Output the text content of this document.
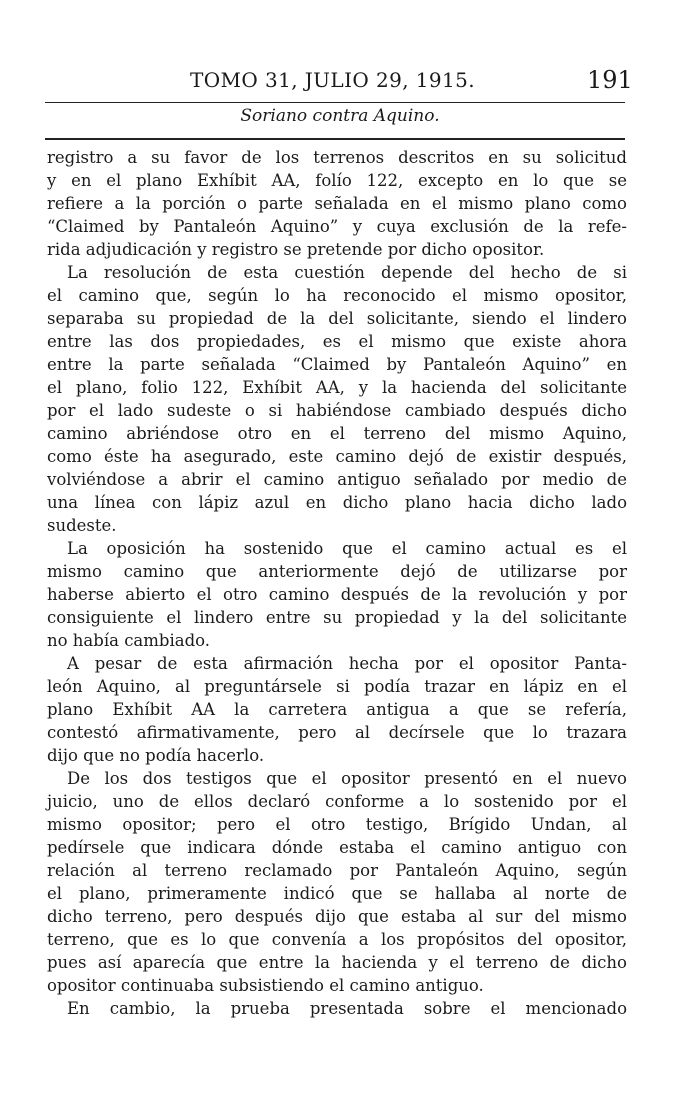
TOMO 31, JULIO 29, 1915.	191
Soriano contra Aquino.
registro a su favor de los terrenos descritos en su solicitud
y en el plano Exhíbit AA, folío 122, excepto en lo que se
refiere a la porción o parte señalada en el mismo plano como
“Claimed by Pantaleón Aquino” y cuya exclusión de la refe-
rida adjudicación y registro se pretende por dicho opositor.
La resolución de esta cuestión depende del hecho de si
el camino que, según lo ha reconocido el mismo opositor,
separaba su propiedad de la del solicitante, siendo el lindero
entre las dos propiedades, es el mismo que existe ahora
entre la parte señalada “Claimed by Pantaleón Aquino” en
el plano, folio 122, Exhíbit AA, y la hacienda del solicitante
por el lado sudeste o si habiéndose cambiado después dicho
camino abriéndose otro en el terreno del mismo Aquino,
como éste ha asegurado, este camino dejó de existir después,
volviéndose a abrir el camino antiguo señalado por medio de
una línea con lápiz azul en dicho plano hacia dicho lado
sudeste.
La oposición ha sostenido que el camino actual es el
mismo camino que anteriormente dejó de utilizarse por
haberse abierto el otro camino después de la revolución y por
consiguiente el lindero entre su propiedad y la del solicitante
no había cambiado.
A pesar de esta afirmación hecha por el opositor Panta-
león Aquino, al preguntársele si podía trazar en lápiz en el
plano Exhíbit AA la carretera antigua a que se refería,
contestó afirmativamente, pero al decírsele que lo trazara
dijo que no podía hacerlo.
De los dos testigos que el opositor presentó en el nuevo
juicio, uno de ellos declaró conforme a lo sostenido por el
mismo opositor; pero el otro testigo, Brígido Undan, al
pedírsele que indicara dónde estaba el camino antiguo con
relación al terreno reclamado por Pantaleón Aquino, según
el plano, primeramente indicó que se hallaba al norte de
dicho terreno, pero después dijo que estaba al sur del mismo
terreno, que es lo que convenía a los propósitos del opositor,
pues así aparecía que entre la hacienda y el terreno de dicho
opositor continuaba subsistiendo el camino antiguo.
En cambio, la prueba presentada sobre el mencionado
